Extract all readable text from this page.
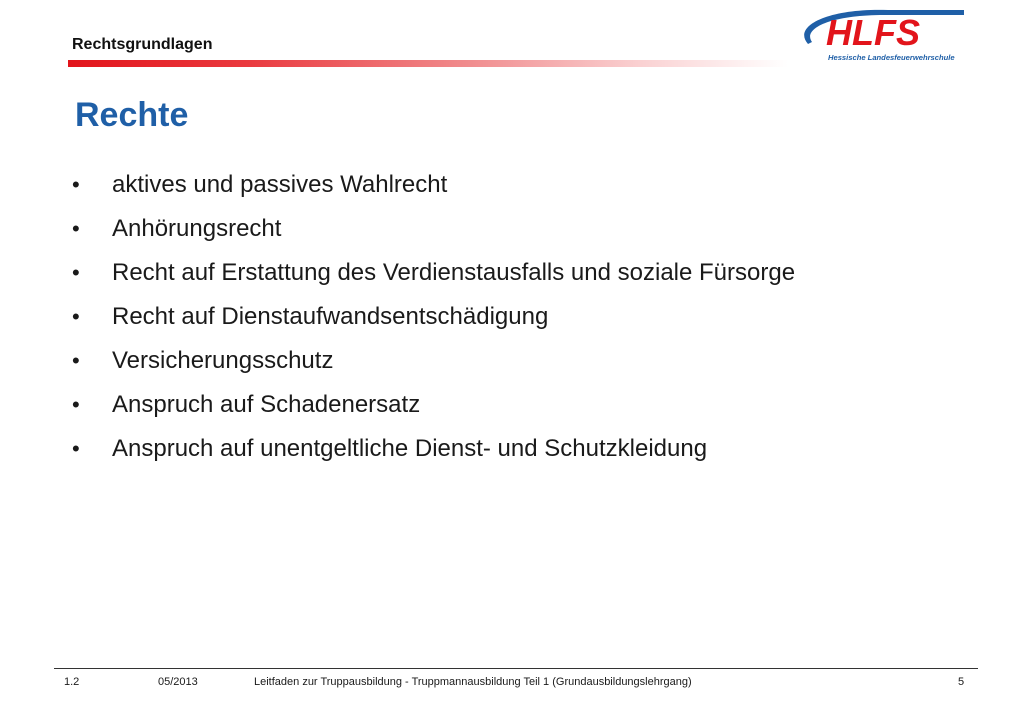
Rechtsgrundlagen	HLFS
Hessische Landesfeuerwehrschule
Rechte
•	aktives und passives Wahlrecht
•	Anhörungsrecht
•	Recht auf Erstattung des Verdienstausfalls und soziale Fürsorge
•	Recht auf Dienstaufwandsentschädigung
•	Versicherungsschutz
•	Anspruch auf Schadenersatz
•	Anspruch auf unentgeltliche Dienst- und Schutzkleidung
1.2	05/2013	Leitfaden zur Truppausbildung - Truppmannausbildung Teil 1 (Grundausbildungslehrgang)	5
